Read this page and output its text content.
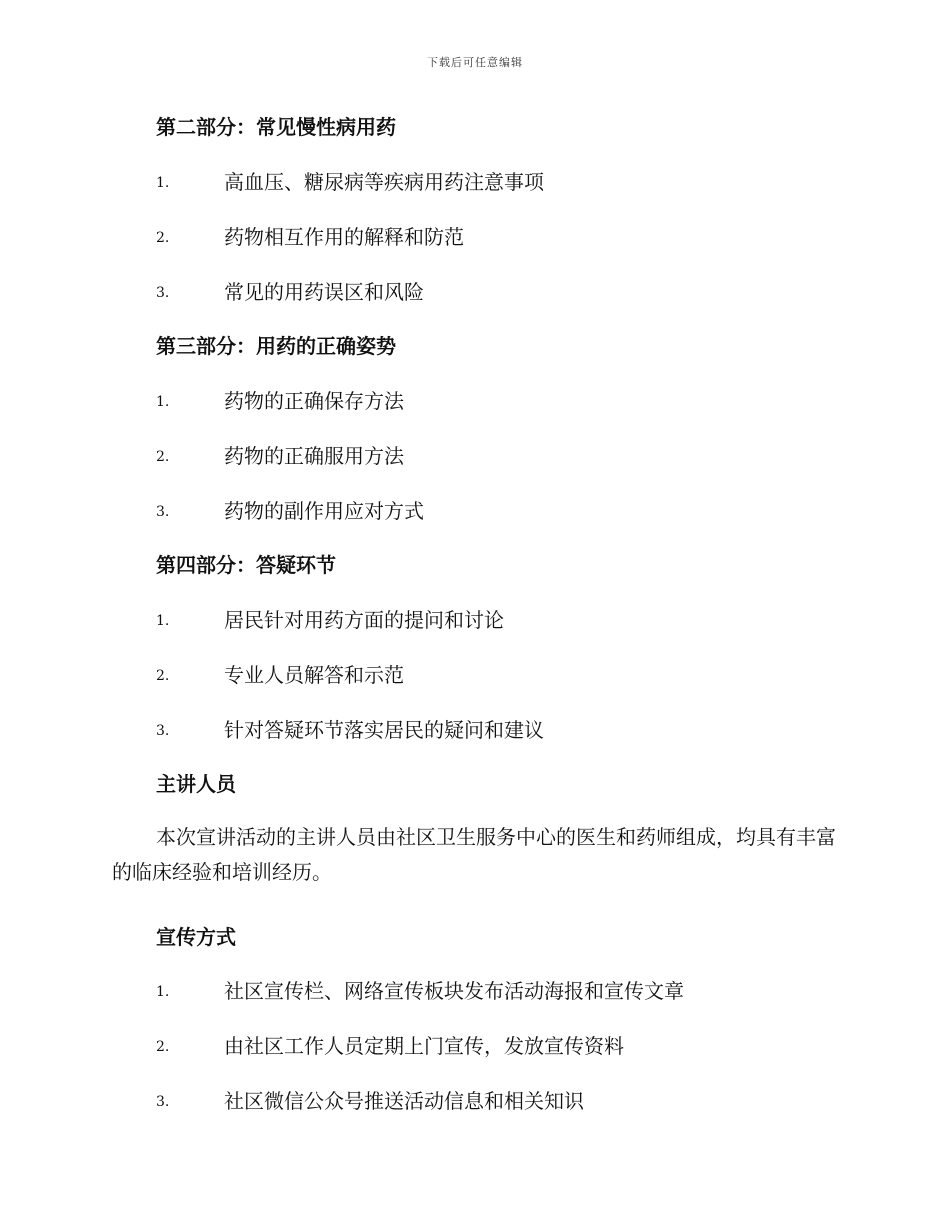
下载后可任意编辑
第二部分：常见慢性病用药
1.	高血压、糖尿病等疾病用药注意事项
2.	药物相互作用的解释和防范
3.	常见的用药误区和风险
第三部分：用药的正确姿势
1.	药物的正确保存方法
2.	药物的正确服用方法
3.	药物的副作用应对方式
第四部分：答疑环节
1.	居民针对用药方面的提问和讨论
2.	专业人员解答和示范
3.	针对答疑环节落实居民的疑问和建议
主讲人员
本次宣讲活动的主讲人员由社区卫生服务中心的医生和药师组成，均具有丰富的临床经验和培训经历。
宣传方式
1.	社区宣传栏、网络宣传板块发布活动海报和宣传文章
2.	由社区工作人员定期上门宣传，发放宣传资料
3.	社区微信公众号推送活动信息和相关知识
